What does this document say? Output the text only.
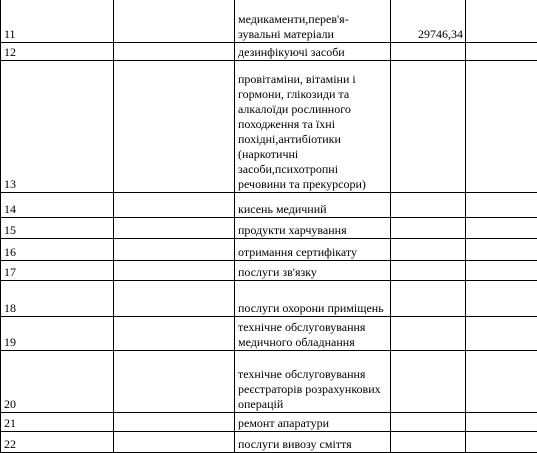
11		медикаменти,перев'я-зувальні матеріали	29746,34	
12		дезинфікуючі засоби		
13		провітаміни, вітаміни і гормони, глікозиди та алкалоїди рослинного походження та їхні похідні,антибіотики (наркотичні засоби,психотропні речовини та прекурсори)		
14		кисень медичний		
15		продукти харчування		
16		отримання сертифікату		
17		послуги зв'язку		
18		послуги охорони приміщень		
19		технічне обслуговування медичного обладнання		
20		технічне обслуговування реєстраторів розрахункових операцій		
21		ремонт апаратури		
22		послуги вивозу сміття		
